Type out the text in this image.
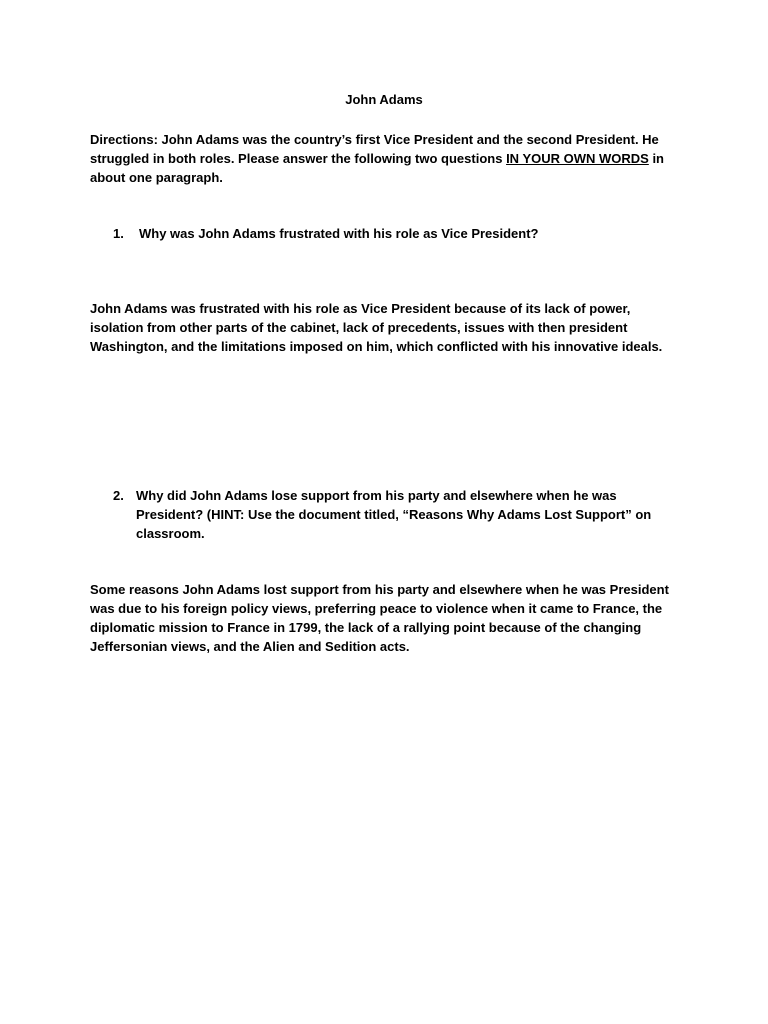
John Adams
Directions: John Adams was the country’s first Vice President and the second President. He struggled in both roles. Please answer the following two questions IN YOUR OWN WORDS in about one paragraph.
1. Why was John Adams frustrated with his role as Vice President?
John Adams was frustrated with his role as Vice President because of its lack of power, isolation from other parts of the cabinet, lack of precedents, issues with then president Washington, and the limitations imposed on him, which conflicted with his innovative ideals.
2. Why did John Adams lose support from his party and elsewhere when he was President? (HINT: Use the document titled, “Reasons Why Adams Lost Support” on classroom.
Some reasons John Adams lost support from his party and elsewhere when he was President was due to his foreign policy views, preferring peace to violence when it came to France, the diplomatic mission to France in 1799, the lack of a rallying point because of the changing Jeffersonian views, and the Alien and Sedition acts.
